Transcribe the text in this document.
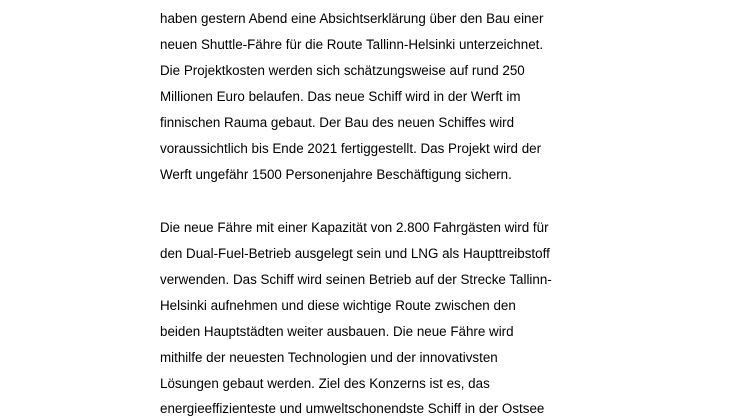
haben gestern Abend eine Absichtserklärung über den Bau einer
neuen Shuttle-Fähre für die Route Tallinn-Helsinki unterzeichnet.
Die Projektkosten werden sich schätzungsweise auf rund 250
Millionen Euro belaufen. Das neue Schiff wird in der Werft im
finnischen Rauma gebaut. Der Bau des neuen Schiffes wird
voraussichtlich bis Ende 2021 fertiggestellt. Das Projekt wird der
Werft ungefähr 1500 Personenjahre Beschäftigung sichern.
Die neue Fähre mit einer Kapazität von 2.800 Fahrgästen wird für
den Dual-Fuel-Betrieb ausgelegt sein und LNG als Haupttreibstoff
verwenden. Das Schiff wird seinen Betrieb auf der Strecke Tallinn-
Helsinki aufnehmen und diese wichtige Route zwischen den
beiden Hauptstädten weiter ausbauen. Die neue Fähre wird
mithilfe der neuesten Technologien und der innovativsten
Lösungen gebaut werden. Ziel des Konzerns ist es, das
energieeffizienteste und umweltschonendste Schiff in der Ostsee
